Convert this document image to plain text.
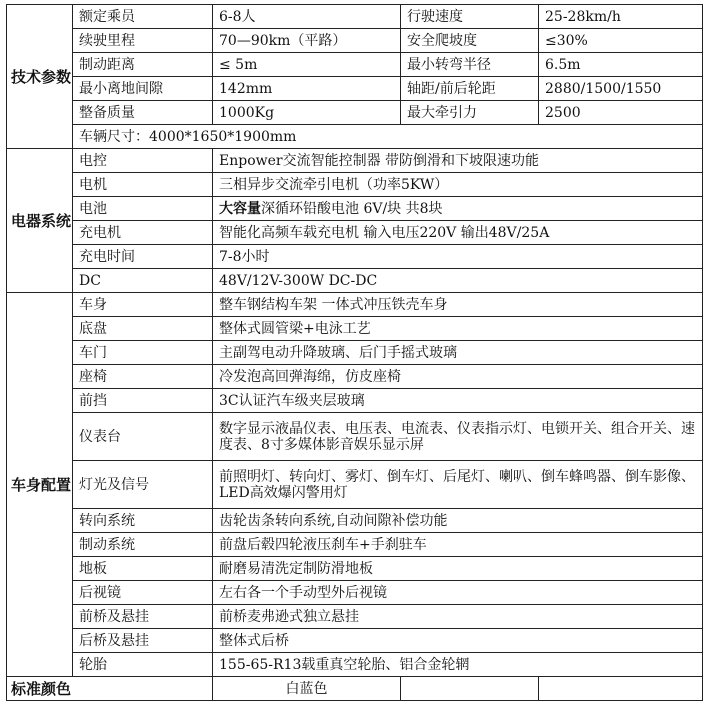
技术参数	额定乘员	6-8人	行驶速度	25-28km/h
	续驶里程	70—90km（平路）	安全爬坡度	≤30%
	制动距离	≤ 5m	最小转弯半径	6.5m
	最小离地间隙	142mm	轴距/前后轮距	2880/1500/1550
	整备质量	1000Kg	最大牵引力	2500
	车辆尺寸：4000*1650*1900mm			
电器系统	电控	Enpower交流智能控制器 带防倒滑和下坡限速功能		
	电机	三相异步交流牵引电机（功率5KW）		
	电池	大容量深循环铅酸电池 6V/块 共8块		
	充电机	智能化高频车载充电机 输入电压220V 输出48V/25A		
	充电时间	7-8小时		
	DC	48V/12V-300W DC-DC		
车身配置	车身	整车钢结构车架 一体式冲压铁壳车身		
	底盘	整体式圆管梁+电泳工艺		
	车门	主副驾电动升降玻璃、后门手摇式玻璃		
	座椅	冷发泡高回弹海绵，仿皮座椅		
	前挡	3C认证汽车级夹层玻璃		
	仪表台	数字显示液晶仪表、电压表、电流表、仪表指示灯、电锁开关、组合开关、速度表、8寸多媒体影音娱乐显示屏		
	灯光及信号	前照明灯、转向灯、雾灯、倒车灯、后尾灯、喇叭、倒车蜂鸣器、倒车影像、LED高效爆闪警用灯		
	转向系统	齿轮齿条转向系统,自动间隙补偿功能		
	制动系统	前盘后毂四轮液压刹车+手刹驻车		
	地板	耐磨易清洗定制防滑地板		
	后视镜	左右各一个手动型外后视镜		
	前桥及悬挂	前桥麦弗逊式独立悬挂		
	后桥及悬挂	整体式后桥		
	轮胎	155-65-R13载重真空轮胎、铝合金轮辋		
标准颜色		白蓝色		
